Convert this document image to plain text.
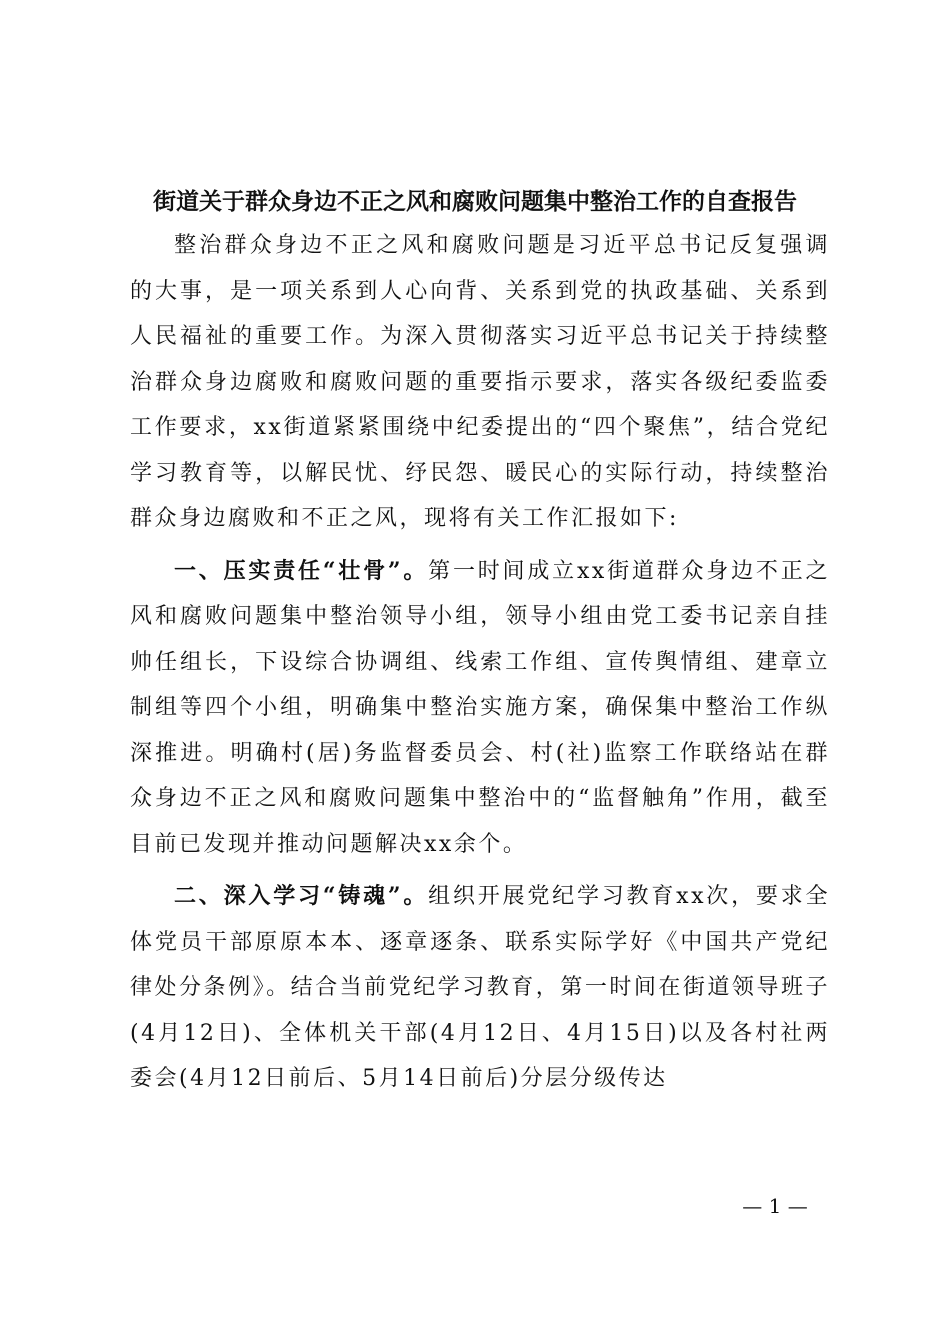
街道关于群众身边不正之风和腐败问题集中整治工作的自查报告

整治群众身边不正之风和腐败问题是习近平总书记反复强调的大事，是一项关系到人心向背、关系到党的执政基础、关系到人民福祉的重要工作。为深入贯彻落实习近平总书记关于持续整治群众身边腐败和腐败问题的重要指示要求，落实各级纪委监委工作要求，xx街道紧紧围绕中纪委提出的“四个聚焦”，结合党纪学习教育等，以解民忧、纾民怨、暖民心的实际行动，持续整治群众身边腐败和不正之风，现将有关工作汇报如下:

一、压实责任“壮骨”。第一时间成立xx街道群众身边不正之风和腐败问题集中整治领导小组，领导小组由党工委书记亲自挂帅任组长，下设综合协调组、线索工作组、宣传舆情组、建章立制组等四个小组，明确集中整治实施方案，确保集中整治工作纵深推进。明确村(居)务监督委员会、村(社)监察工作联络站在群众身边不正之风和腐败问题集中整治中的“监督触角”作用，截至目前已发现并推动问题解决xx余个。

二、深入学习“铸魂”。组织开展党纪学习教育xx次，要求全体党员干部原原本本、逐章逐条、联系实际学好《中国共产党纪律处分条例》。结合当前党纪学习教育，第一时间在街道领导班子(4月12日)、全体机关干部(4月12日、4月15日)以及各村社两委会(4月12日前后、5月14日前后)分层分级传达

— 1 —
